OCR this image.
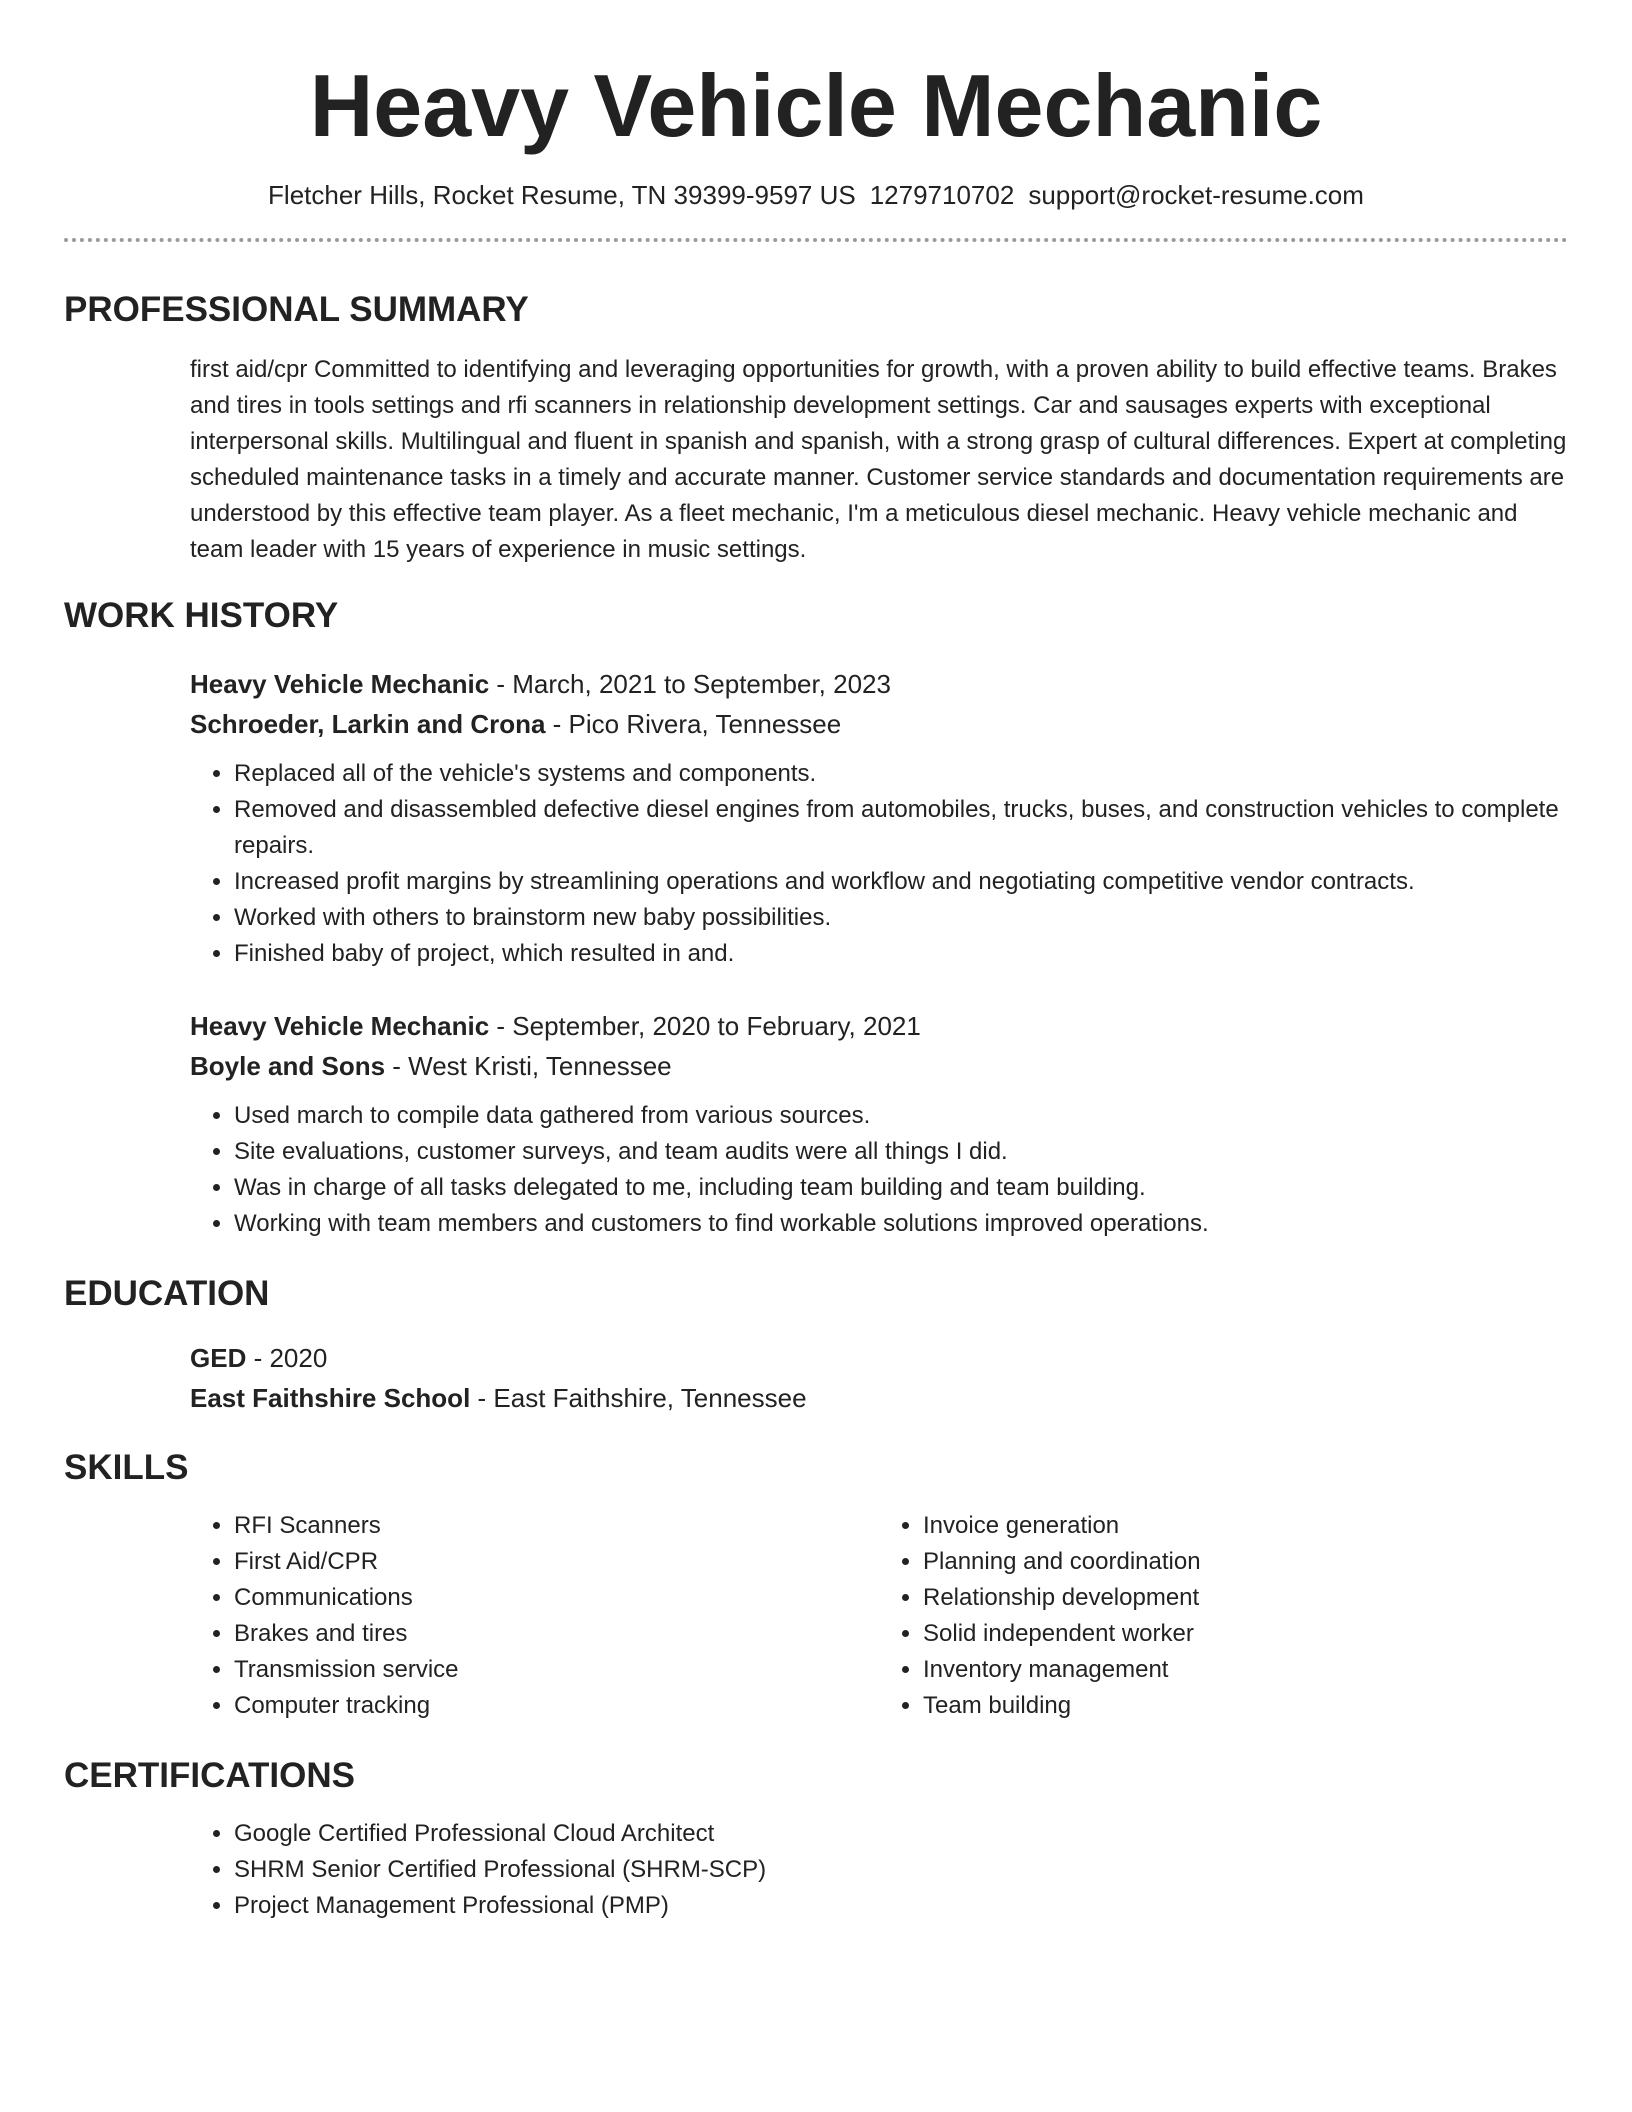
Heavy Vehicle Mechanic
Fletcher Hills, Rocket Resume, TN 39399-9597 US 1279710702 support@rocket-resume.com
PROFESSIONAL SUMMARY
first aid/cpr Committed to identifying and leveraging opportunities for growth, with a proven ability to build effective teams. Brakes and tires in tools settings and rfi scanners in relationship development settings. Car and sausages experts with exceptional interpersonal skills. Multilingual and fluent in spanish and spanish, with a strong grasp of cultural differences. Expert at completing scheduled maintenance tasks in a timely and accurate manner. Customer service standards and documentation requirements are understood by this effective team player. As a fleet mechanic, I'm a meticulous diesel mechanic. Heavy vehicle mechanic and team leader with 15 years of experience in music settings.
WORK HISTORY
Heavy Vehicle Mechanic - March, 2021 to September, 2023
Schroeder, Larkin and Crona - Pico Rivera, Tennessee
• Replaced all of the vehicle's systems and components.
• Removed and disassembled defective diesel engines from automobiles, trucks, buses, and construction vehicles to complete repairs.
• Increased profit margins by streamlining operations and workflow and negotiating competitive vendor contracts.
• Worked with others to brainstorm new baby possibilities.
• Finished baby of project, which resulted in and.
Heavy Vehicle Mechanic - September, 2020 to February, 2021
Boyle and Sons - West Kristi, Tennessee
• Used march to compile data gathered from various sources.
• Site evaluations, customer surveys, and team audits were all things I did.
• Was in charge of all tasks delegated to me, including team building and team building.
• Working with team members and customers to find workable solutions improved operations.
EDUCATION
GED - 2020
East Faithshire School - East Faithshire, Tennessee
SKILLS
• RFI Scanners
• First Aid/CPR
• Communications
• Brakes and tires
• Transmission service
• Computer tracking
• Invoice generation
• Planning and coordination
• Relationship development
• Solid independent worker
• Inventory management
• Team building
CERTIFICATIONS
• Google Certified Professional Cloud Architect
• SHRM Senior Certified Professional (SHRM-SCP)
• Project Management Professional (PMP)
